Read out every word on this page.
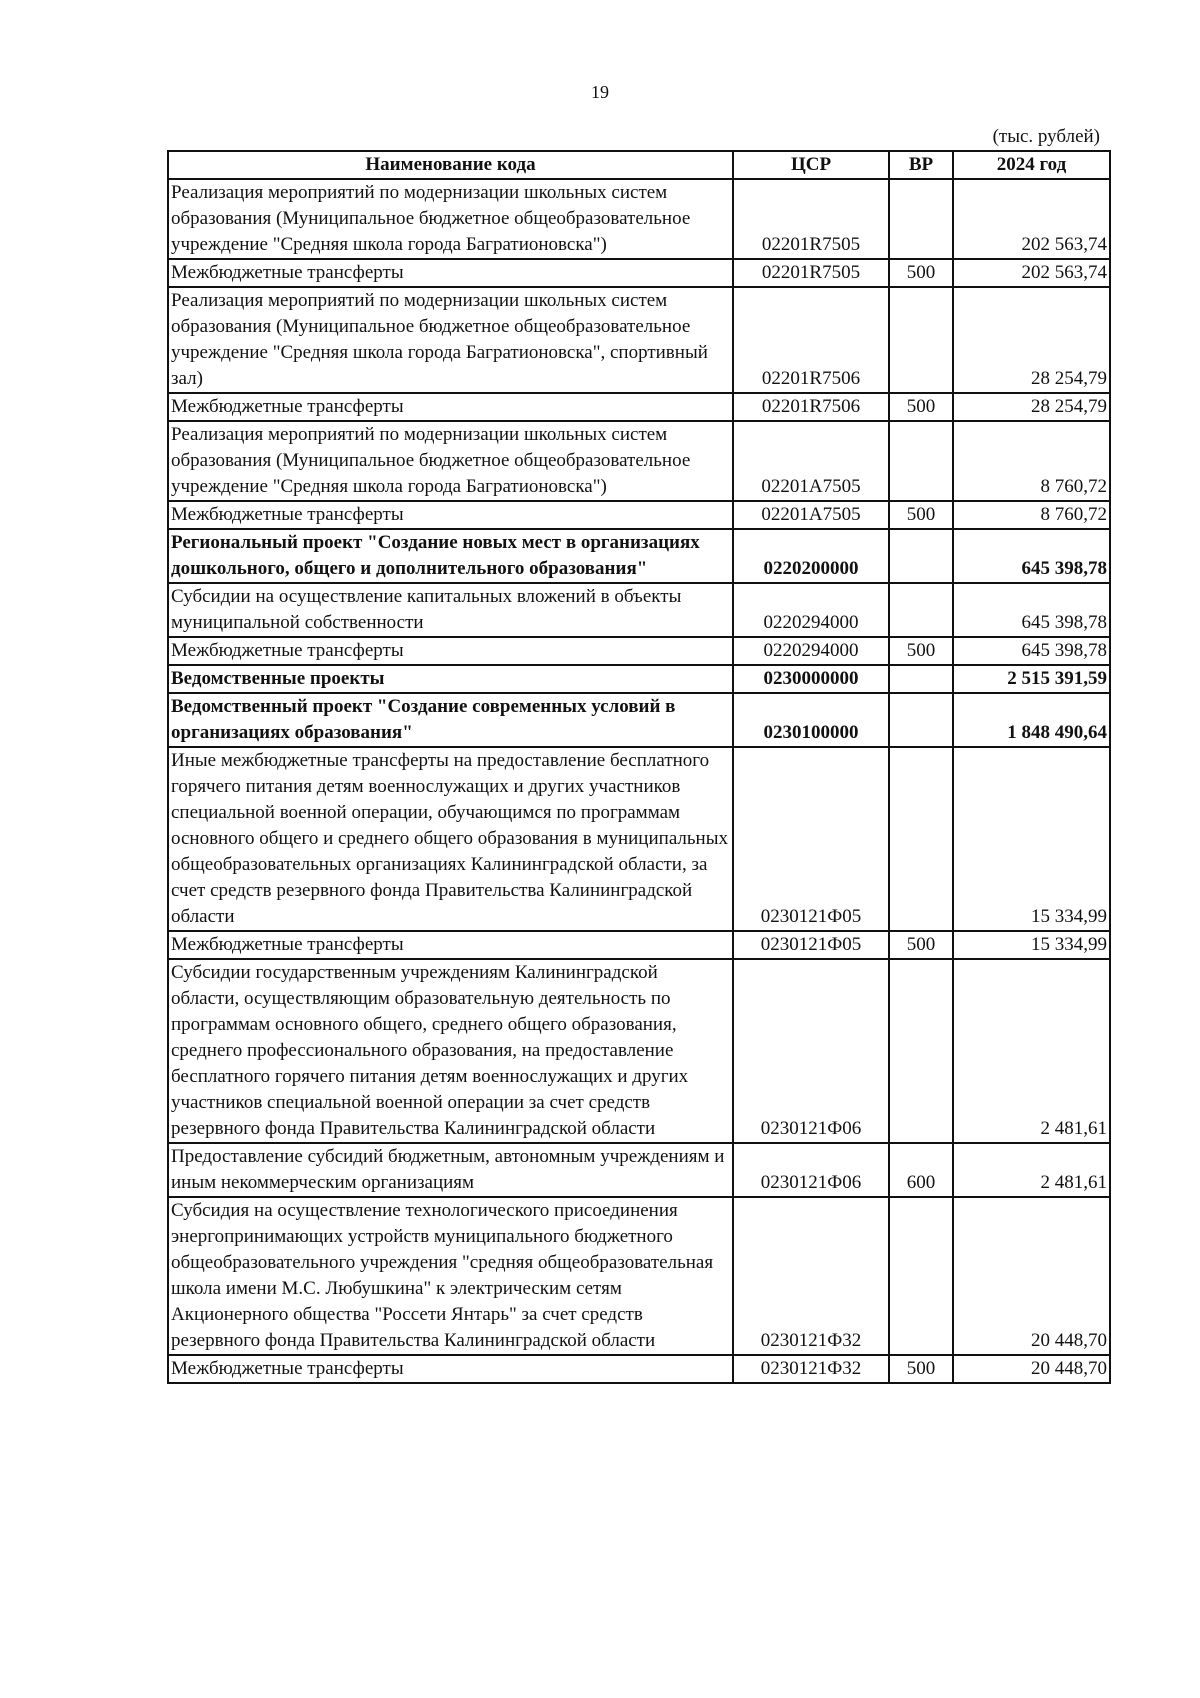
19
(тыс. рублей)
Наименование кода	ЦСР	ВР	2024 год
Реализация мероприятий по модернизации школьных систем образования (Муниципальное бюджетное общеобразовательное учреждение "Средняя школа города Багратионовска")	02201R7505		202 563,74
Межбюджетные трансферты	02201R7505	500	202 563,74
Реализация мероприятий по модернизации школьных систем образования (Муниципальное бюджетное общеобразовательное учреждение "Средняя школа города Багратионовска", спортивный зал)	02201R7506		28 254,79
Межбюджетные трансферты	02201R7506	500	28 254,79
Реализация мероприятий по модернизации школьных систем образования (Муниципальное бюджетное общеобразовательное учреждение "Средняя школа города Багратионовска")	02201A7505		8 760,72
Межбюджетные трансферты	02201A7505	500	8 760,72
Региональный проект "Создание новых мест в организациях дошкольного, общего и дополнительного образования"	0220200000		645 398,78
Субсидии на осуществление капитальных вложений в объекты муниципальной собственности	0220294000		645 398,78
Межбюджетные трансферты	0220294000	500	645 398,78
Ведомственные проекты	0230000000		2 515 391,59
Ведомственный проект "Создание современных условий в организациях образования"	0230100000		1 848 490,64
Иные межбюджетные трансферты на предоставление бесплатного горячего питания детям военнослужащих и других участников специальной военной операции, обучающимся по программам основного общего и среднего общего образования в муниципальных общеобразовательных организациях Калининградской области, за счет средств резервного фонда Правительства Калининградской области	0230121Ф05		15 334,99
Межбюджетные трансферты	0230121Ф05	500	15 334,99
Субсидии государственным учреждениям Калининградской области, осуществляющим образовательную деятельность по программам основного общего, среднего общего образования, среднего профессионального образования, на предоставление бесплатного горячего питания детям военнослужащих и других участников специальной военной операции за счет средств резервного фонда Правительства Калининградской области	0230121Ф06		2 481,61
Предоставление субсидий бюджетным, автономным учреждениям и иным некоммерческим организациям	0230121Ф06	600	2 481,61
Субсидия на осуществление технологического присоединения энергопринимающих устройств муниципального бюджетного общеобразовательного учреждения "средняя общеобразовательная школа имени М.С. Любушкина" к электрическим сетям Акционерного общества "Россети Янтарь" за счет средств резервного фонда Правительства Калининградской области	0230121Ф32		20 448,70
Межбюджетные трансферты	0230121Ф32	500	20 448,70
